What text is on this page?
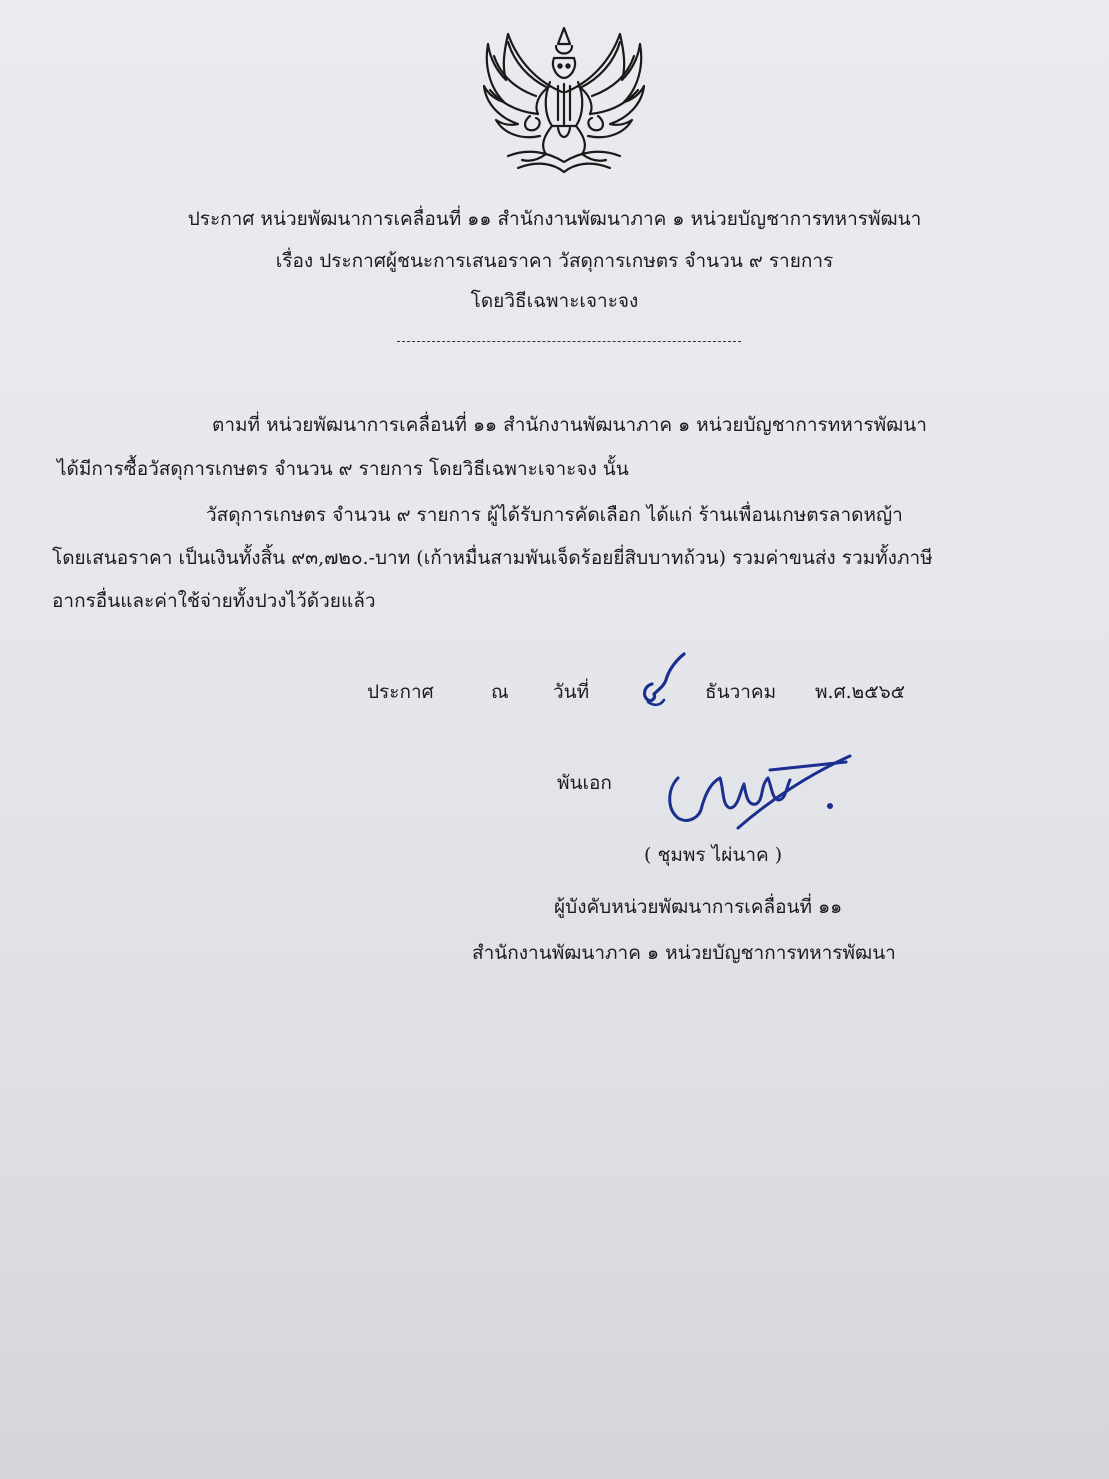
ประกาศ หน่วยพัฒนาการเคลื่อนที่ ๑๑ สำนักงานพัฒนาภาค ๑ หน่วยบัญชาการทหารพัฒนา
เรื่อง ประกาศผู้ชนะการเสนอราคา วัสดุการเกษตร จำนวน ๙ รายการ
โดยวิธีเฉพาะเจาะจง
ตามที่ หน่วยพัฒนาการเคลื่อนที่ ๑๑ สำนักงานพัฒนาภาค ๑ หน่วยบัญชาการทหารพัฒนา
ได้มีการซื้อวัสดุการเกษตร จำนวน ๙ รายการ โดยวิธีเฉพาะเจาะจง นั้น
วัสดุการเกษตร จำนวน ๙ รายการ ผู้ได้รับการคัดเลือก ได้แก่ ร้านเพื่อนเกษตรลาดหญ้า
โดยเสนอราคา เป็นเงินทั้งสิ้น ๙๓,๗๒๐.-บาท (เก้าหมื่นสามพันเจ็ดร้อยยี่สิบบาทถ้วน) รวมค่าขนส่ง รวมทั้งภาษี
อากรอื่นและค่าใช้จ่ายทั้งปวงไว้ด้วยแล้ว
ประกาศ	ณ วันที่	ธันวาคม พ.ศ.๒๕๖๕
พันเอก
( ชุมพร ไผ่นาค )
ผู้บังคับหน่วยพัฒนาการเคลื่อนที่ ๑๑
สำนักงานพัฒนาภาค ๑ หน่วยบัญชาการทหารพัฒนา
